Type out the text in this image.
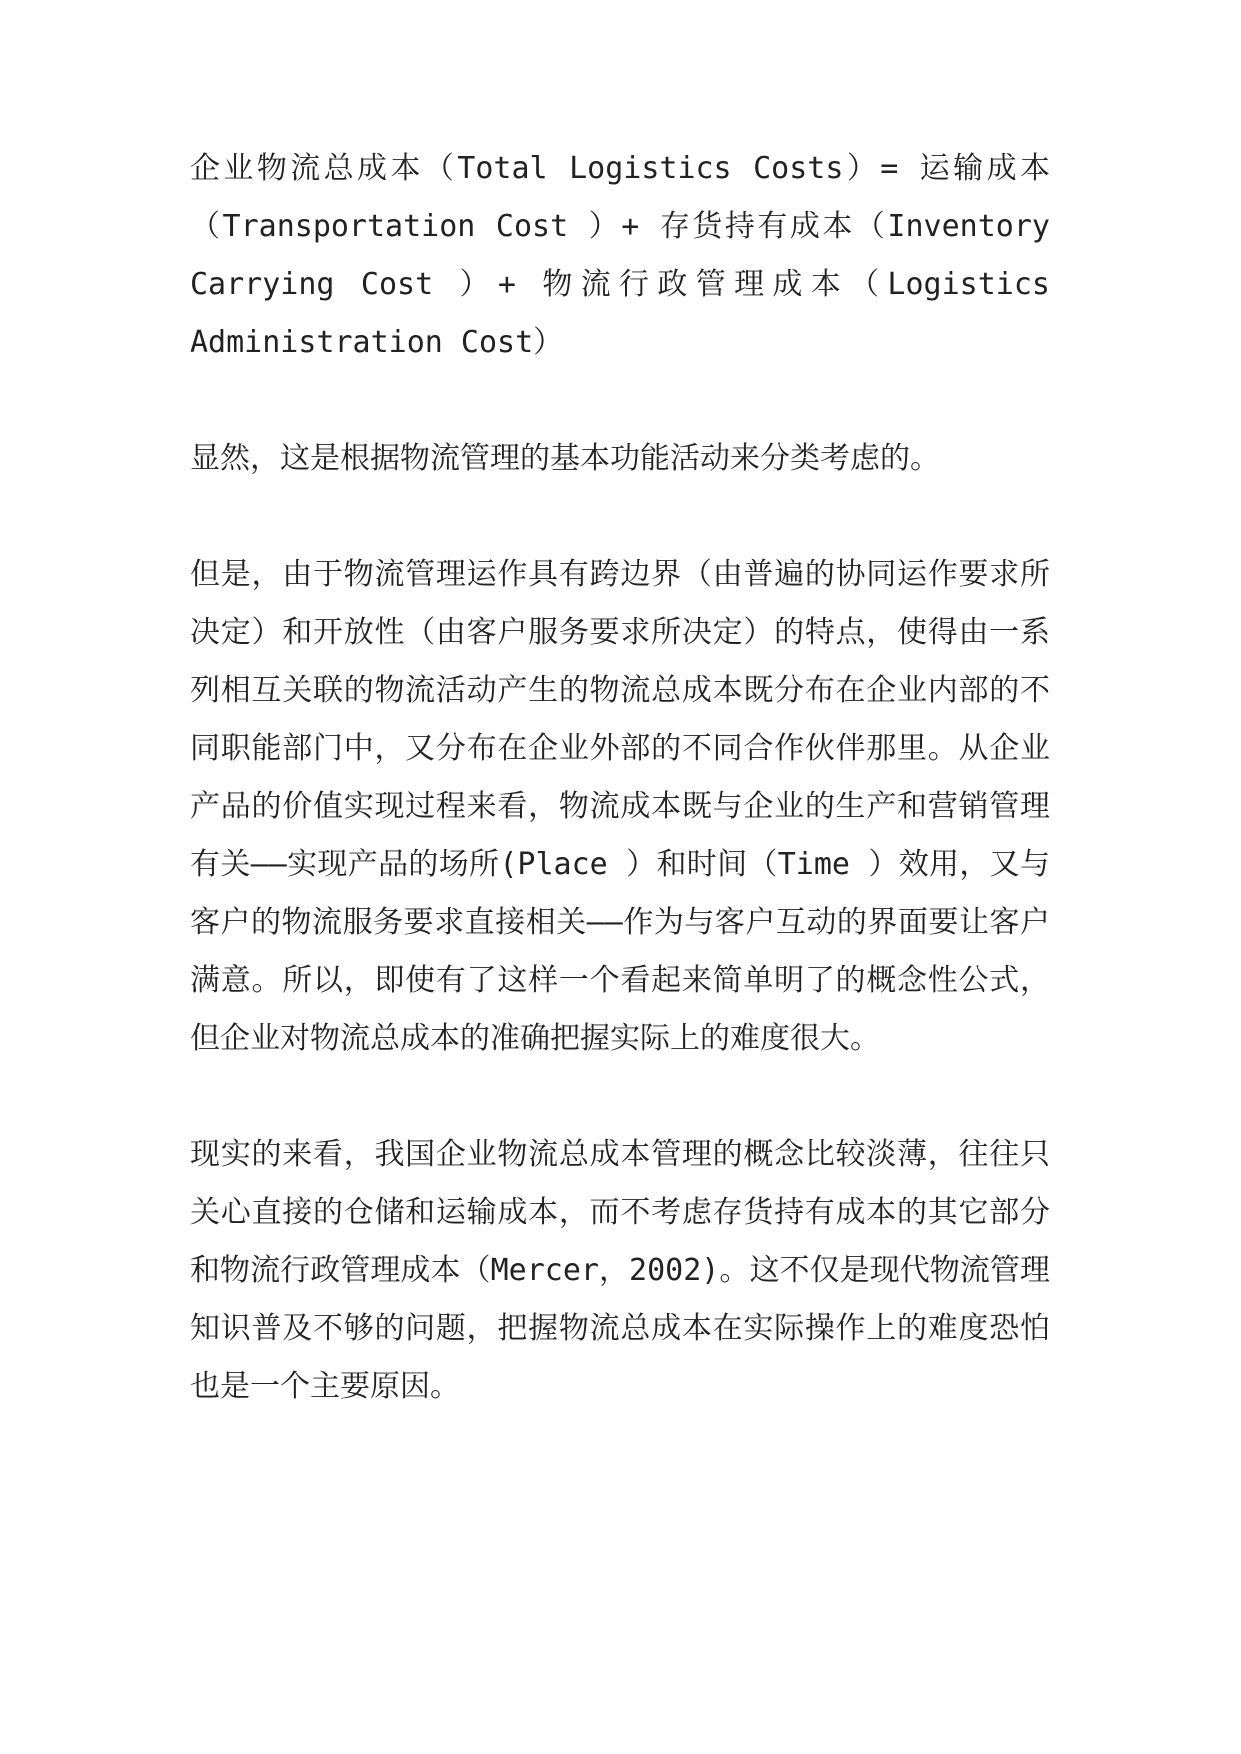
企业物流总成本（Total Logistics Costs）= 运输成本（Transportation Cost ）+ 存货持有成本（Inventory Carrying Cost ）+ 物流行政管理成本（Logistics Administration Cost）

显然，这是根据物流管理的基本功能活动来分类考虑的。

但是，由于物流管理运作具有跨边界（由普遍的协同运作要求所决定）和开放性（由客户服务要求所决定）的特点，使得由一系列相互关联的物流活动产生的物流总成本既分布在企业内部的不同职能部门中，又分布在企业外部的不同合作伙伴那里。从企业产品的价值实现过程来看，物流成本既与企业的生产和营销管理有关——实现产品的场所(Place ）和时间（Time ）效用，又与客户的物流服务要求直接相关——作为与客户互动的界面要让客户满意。所以，即使有了这样一个看起来简单明了的概念性公式，但企业对物流总成本的准确把握实际上的难度很大。

现实的来看，我国企业物流总成本管理的概念比较淡薄，往往只关心直接的仓储和运输成本，而不考虑存货持有成本的其它部分和物流行政管理成本（Mercer，2002)。这不仅是现代物流管理知识普及不够的问题，把握物流总成本在实际操作上的难度恐怕也是一个主要原因。
